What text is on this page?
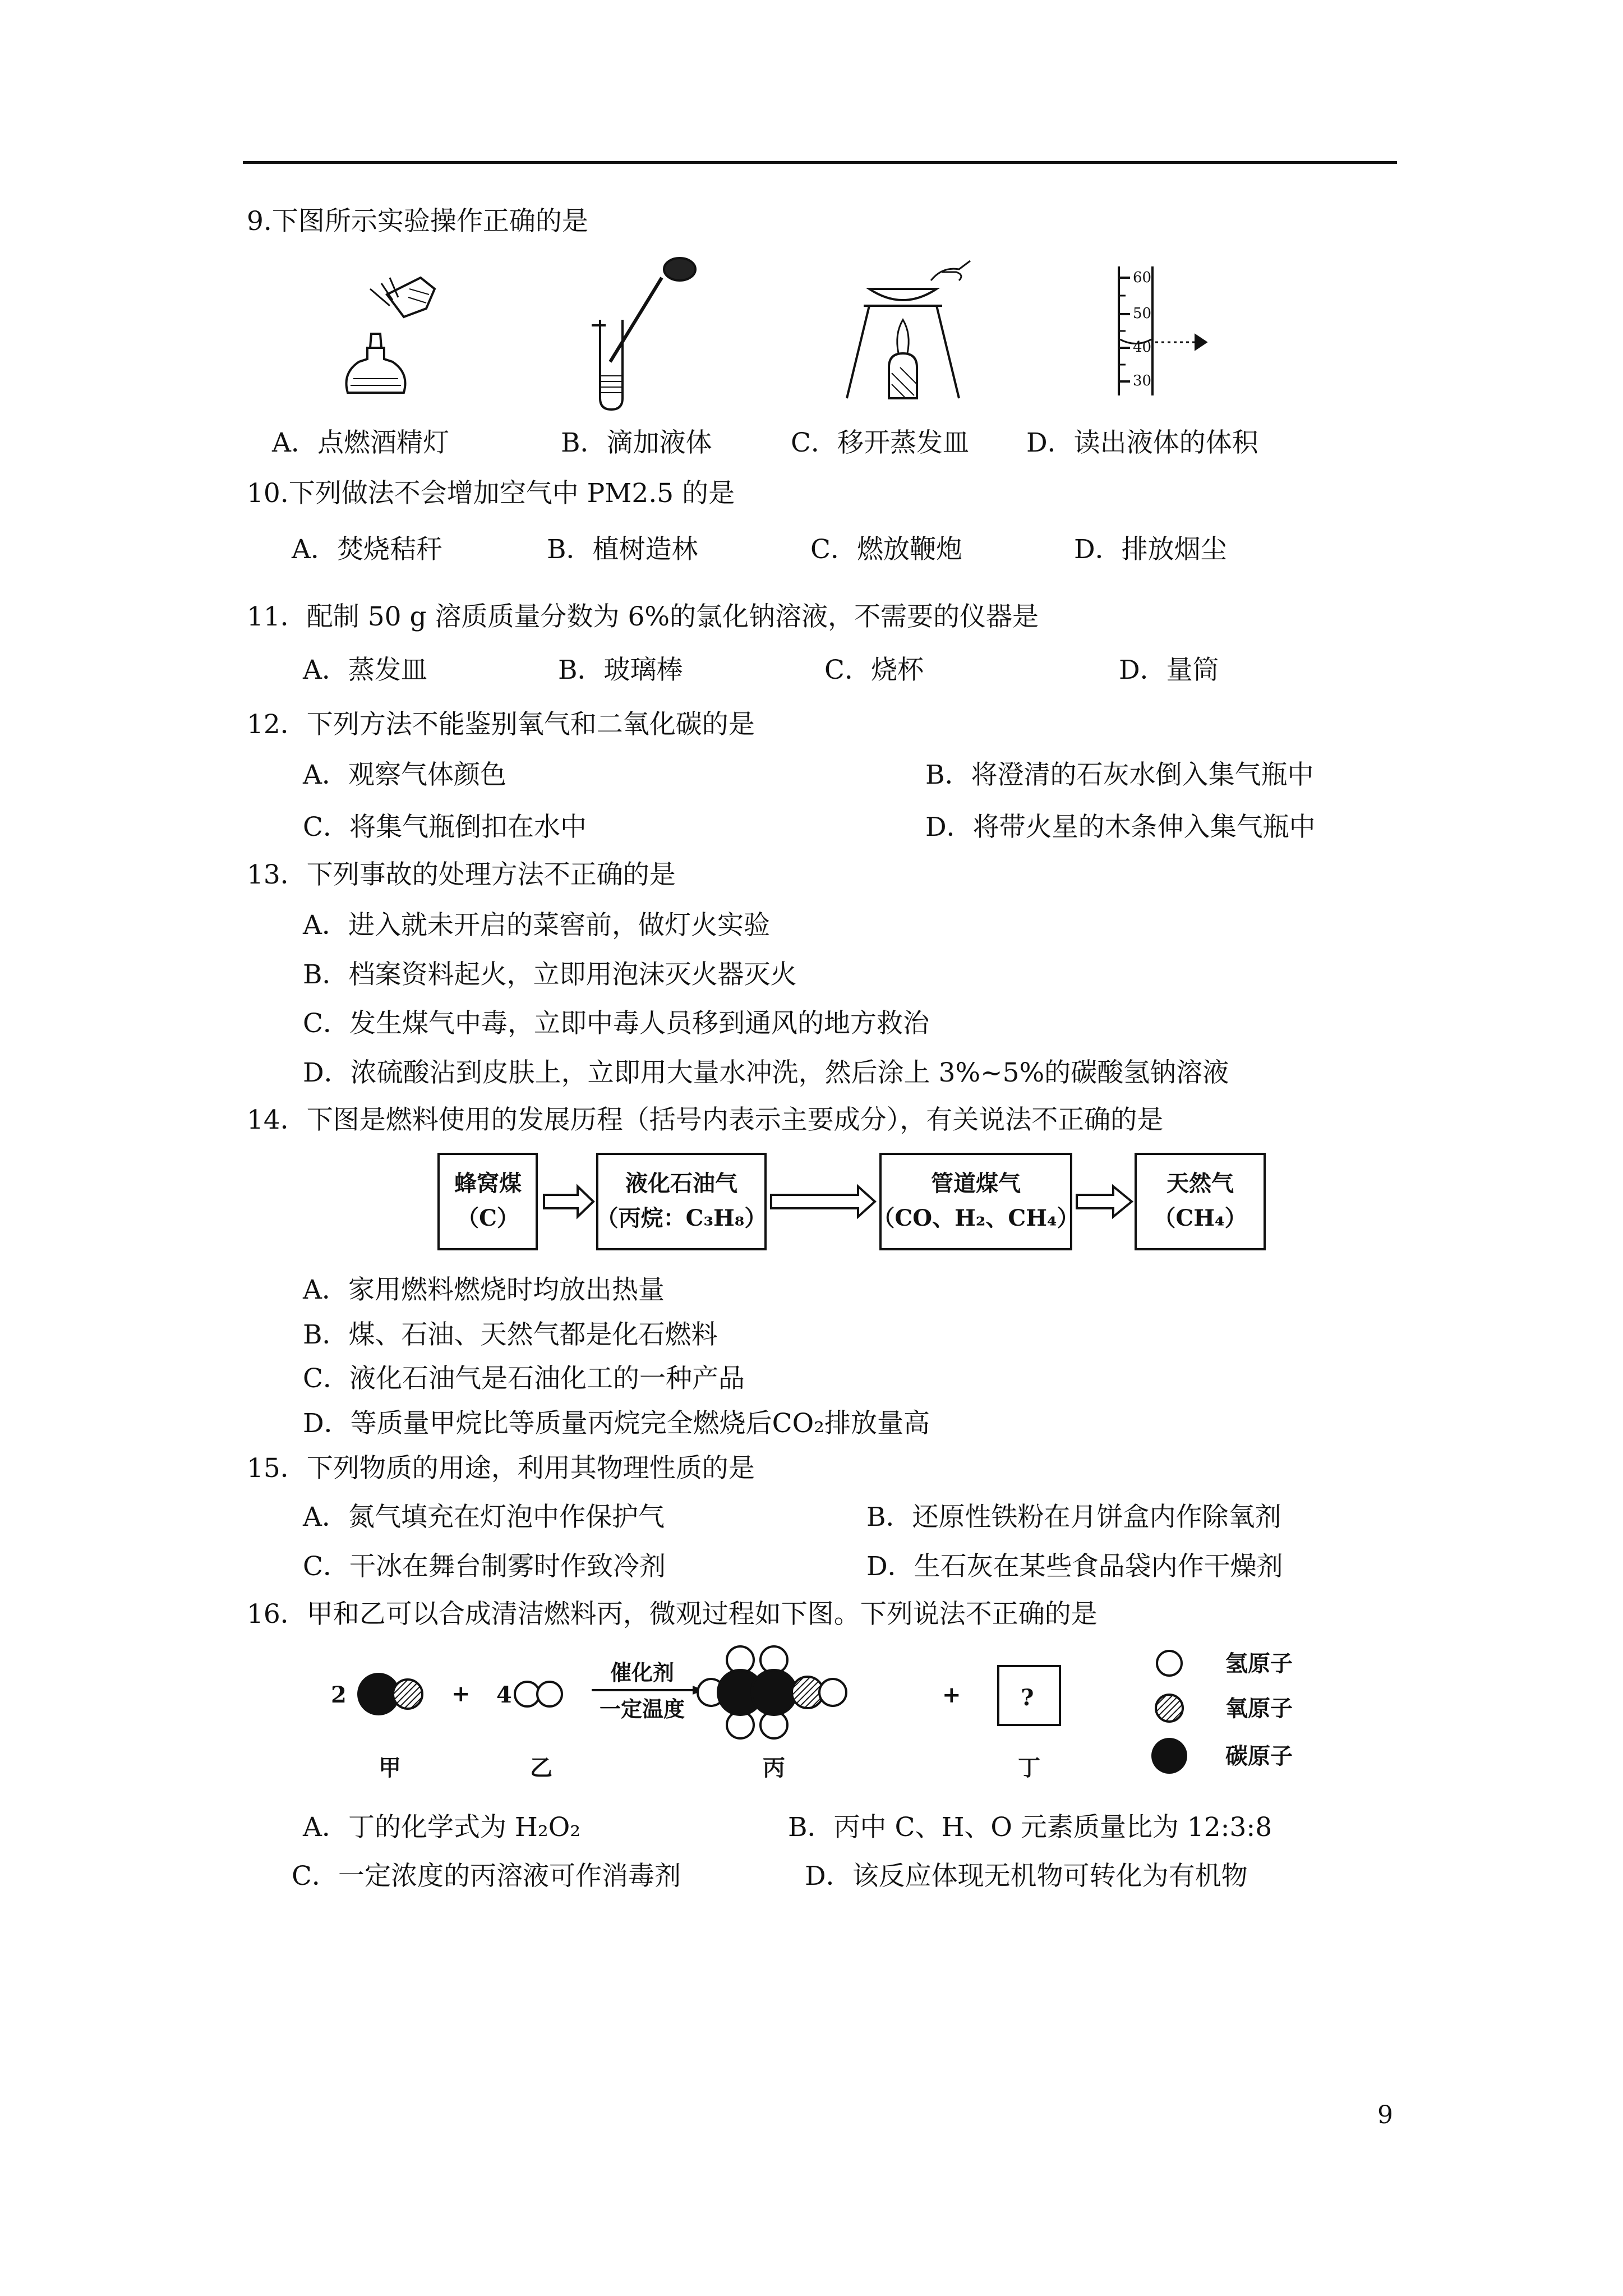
9.下图所示实验操作正确的是
60
50
40
30
A．点燃酒精灯	B．滴加液体	C．移开蒸发皿 D．读出液体的体积
10.下列做法不会增加空气中 PM2.5 的是
A．焚烧秸秆	B．植树造林	C．燃放鞭炮	D．排放烟尘
11．配制 50 g 溶质质量分数为 6%的氯化钠溶液，不需要的仪器是
A．蒸发皿	B．玻璃棒	C．烧杯	D．量筒
12．下列方法不能鉴别氧气和二氧化碳的是
A．观察气体颜色	B．将澄清的石灰水倒入集气瓶中
C．将集气瓶倒扣在水中	D．将带火星的木条伸入集气瓶中
13．下列事故的处理方法不正确的是
A．进入就未开启的菜窖前，做灯火实验
B．档案资料起火，立即用泡沫灭火器灭火
C．发生煤气中毒，立即中毒人员移到通风的地方救治
D．浓硫酸沾到皮肤上，立即用大量水冲洗，然后涂上 3%~5%的碳酸氢钠溶液
14．下图是燃料使用的发展历程（括号内表示主要成分），有关说法不正确的是
蜂窝煤
（C）
液化石油气
（丙烷：C₃H₈）
管道煤气
（CO、H₂、CH₄）
天然气
（CH₄）
A．家用燃料燃烧时均放出热量
B．煤、石油、天然气都是化石燃料
C．液化石油气是石油化工的一种产品
D．等质量甲烷比等质量丙烷完全燃烧后CO₂排放量高
15．下列物质的用途，利用其物理性质的是
A．氮气填充在灯泡中作保护气	B．还原性铁粉在月饼盒内作除氧剂
C．干冰在舞台制雾时作致冷剂	D．生石灰在某些食品袋内作干燥剂
16．甲和乙可以合成清洁燃料丙，微观过程如下图。下列说法不正确的是
2	+ 4	+	?
催化剂
一定温度
甲	乙	丙	丁
氢原子
氧原子
碳原子
A．丁的化学式为 H₂O₂	B．丙中 C、H、O 元素质量比为 12:3:8
C．一定浓度的丙溶液可作消毒剂	D．该反应体现无机物可转化为有机物
9
